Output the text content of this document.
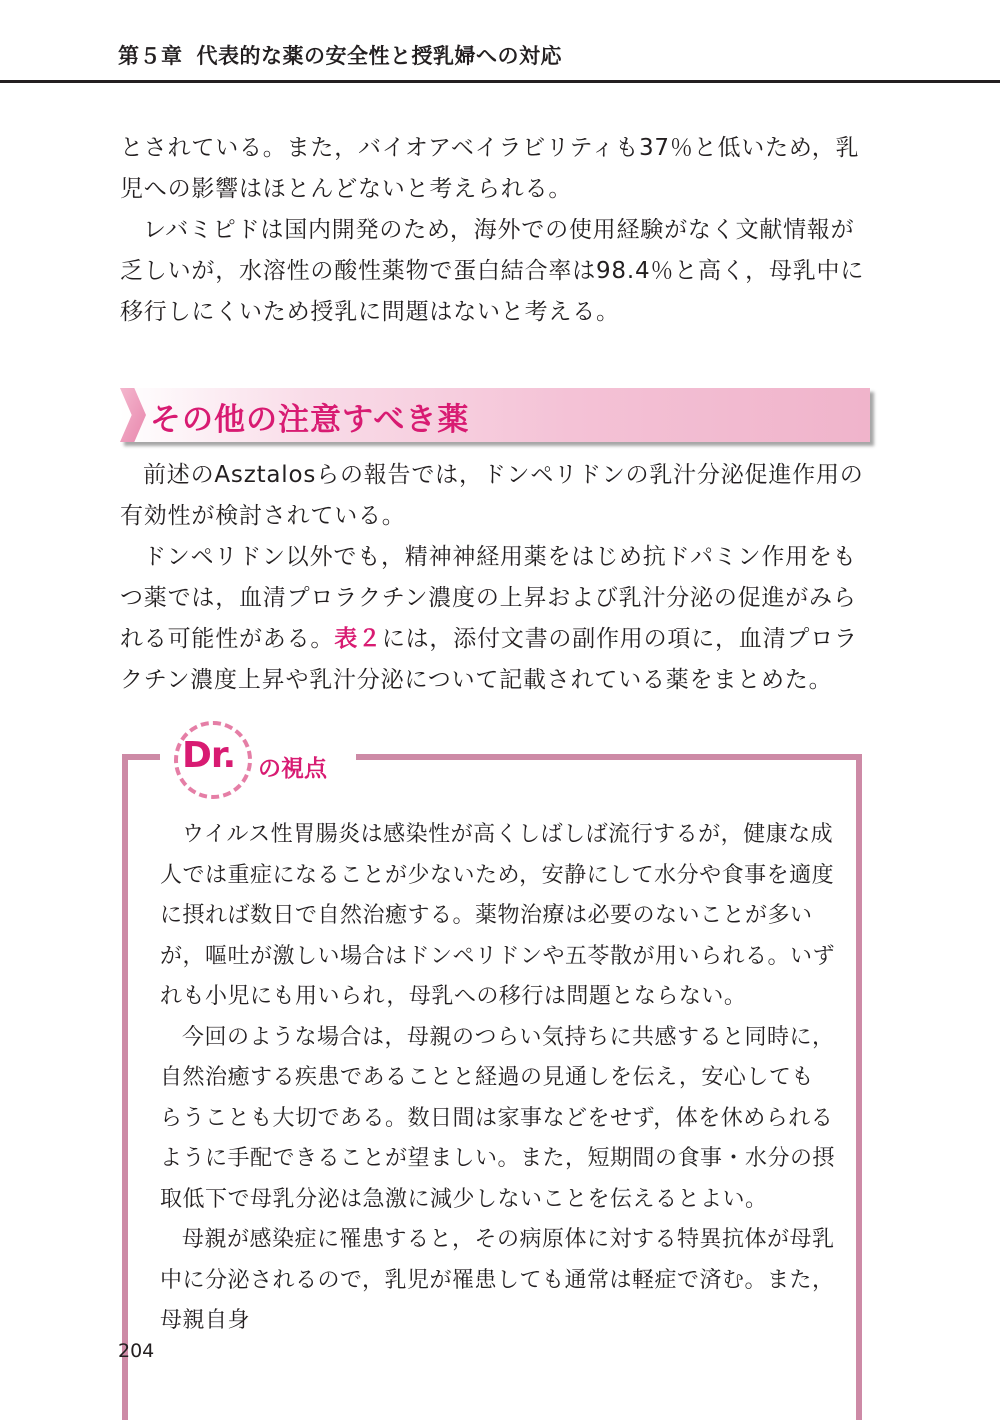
第５章 代表的な薬の安全性と授乳婦への対応

とされている。また，バイオアベイラビリティも37％と低いため，乳児への影響はほとんどないと考えられる。

レバミピドは国内開発のため，海外での使用経験がなく文献情報が乏しいが，水溶性の酸性薬物で蛋白結合率は98.4％と高く，母乳中に移行しにくいため授乳に問題はないと考える。

その他の注意すべき薬

前述のAsztalosらの報告では，ドンペリドンの乳汁分泌促進作用の有効性が検討されている。

ドンペリドン以外でも，精神神経用薬をはじめ抗ドパミン作用をもつ薬では，血清プロラクチン濃度の上昇および乳汁分泌の促進がみられる可能性がある。表２には，添付文書の副作用の項に，血清プロラクチン濃度上昇や乳汁分泌について記載されている薬をまとめた。

Dr. の視点

ウイルス性胃腸炎は感染性が高くしばしば流行するが，健康な成人では重症になることが少ないため，安静にして水分や食事を適度に摂れば数日で自然治癒する。薬物治療は必要のないことが多いが，嘔吐が激しい場合はドンペリドンや五苓散が用いられる。いずれも小児にも用いられ，母乳への移行は問題とならない。

今回のような場合は，母親のつらい気持ちに共感すると同時に，自然治癒する疾患であることと経過の見通しを伝え，安心してもらうことも大切である。数日間は家事などをせず，体を休められるように手配できることが望ましい。また，短期間の食事・水分の摂取低下で母乳分泌は急激に減少しないことを伝えるとよい。

母親が感染症に罹患すると，その病原体に対する特異抗体が母乳中に分泌されるので，乳児が罹患しても通常は軽症で済む。また，母親自身

204
